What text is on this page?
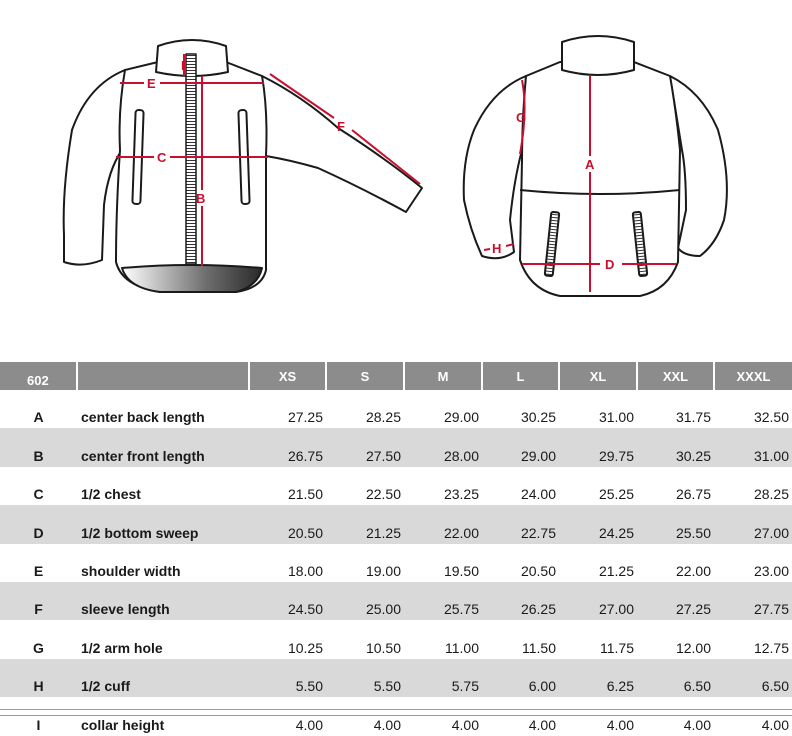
I
E
C
B
F
G
A
D
H
602		XS	S	M	L	XL	XXL	XXXL
A	center back length	27.25	28.25	29.00	30.25	31.00	31.75	32.50
B	center front length	26.75	27.50	28.00	29.00	29.75	30.25	31.00
C	1/2 chest	21.50	22.50	23.25	24.00	25.25	26.75	28.25
D	1/2 bottom sweep	20.50	21.25	22.00	22.75	24.25	25.50	27.00
E	shoulder width	18.00	19.00	19.50	20.50	21.25	22.00	23.00
F	sleeve length	24.50	25.00	25.75	26.25	27.00	27.25	27.75
G	1/2 arm hole	10.25	10.50	11.00	11.50	11.75	12.00	12.75
H	1/2 cuff	5.50	5.50	5.75	6.00	6.25	6.50	6.50
I	collar height	4.00	4.00	4.00	4.00	4.00	4.00	4.00
